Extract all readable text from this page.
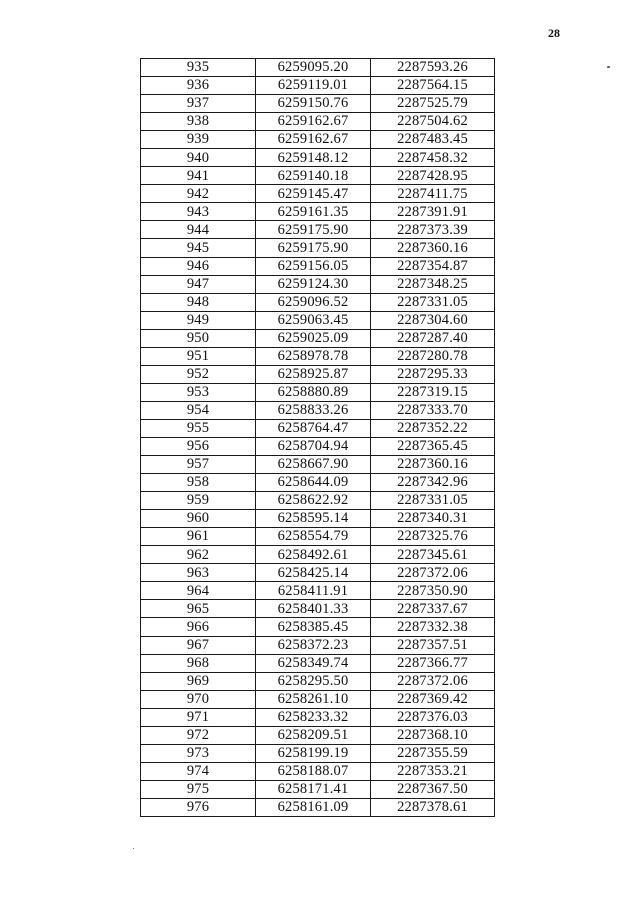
28
935	6259095.20	2287593.26
936	6259119.01	2287564.15
937	6259150.76	2287525.79
938	6259162.67	2287504.62
939	6259162.67	2287483.45
940	6259148.12	2287458.32
941	6259140.18	2287428.95
942	6259145.47	2287411.75
943	6259161.35	2287391.91
944	6259175.90	2287373.39
945	6259175.90	2287360.16
946	6259156.05	2287354.87
947	6259124.30	2287348.25
948	6259096.52	2287331.05
949	6259063.45	2287304.60
950	6259025.09	2287287.40
951	6258978.78	2287280.78
952	6258925.87	2287295.33
953	6258880.89	2287319.15
954	6258833.26	2287333.70
955	6258764.47	2287352.22
956	6258704.94	2287365.45
957	6258667.90	2287360.16
958	6258644.09	2287342.96
959	6258622.92	2287331.05
960	6258595.14	2287340.31
961	6258554.79	2287325.76
962	6258492.61	2287345.61
963	6258425.14	2287372.06
964	6258411.91	2287350.90
965	6258401.33	2287337.67
966	6258385.45	2287332.38
967	6258372.23	2287357.51
968	6258349.74	2287366.77
969	6258295.50	2287372.06
970	6258261.10	2287369.42
971	6258233.32	2287376.03
972	6258209.51	2287368.10
973	6258199.19	2287355.59
974	6258188.07	2287353.21
975	6258171.41	2287367.50
976	6258161.09	2287378.61
